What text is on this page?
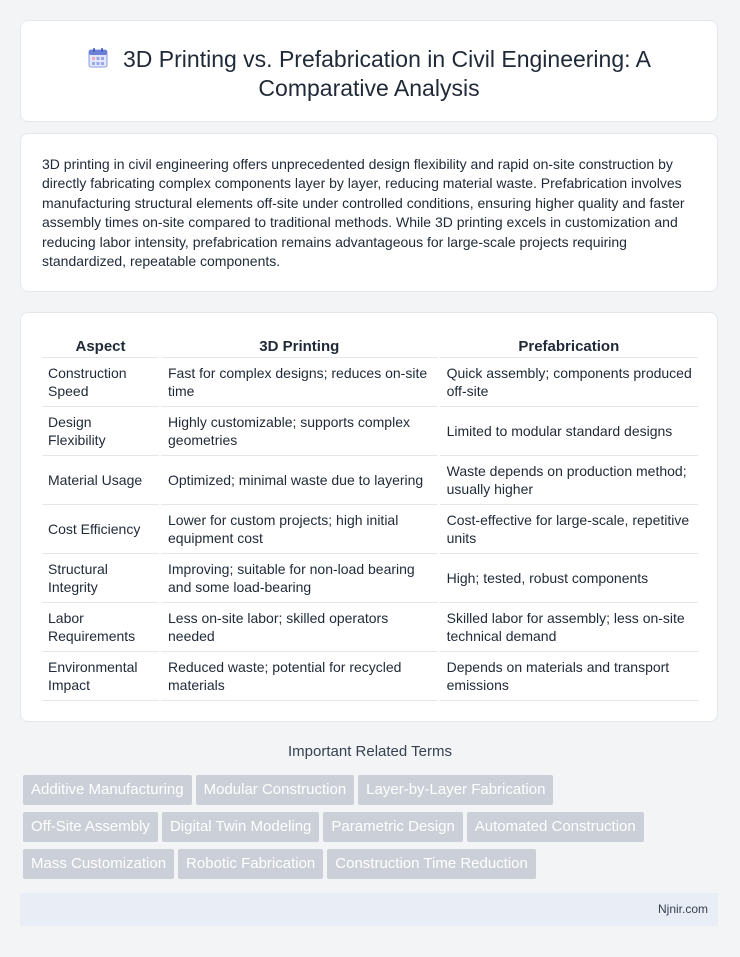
3D Printing vs. Prefabrication in Civil Engineering: A Comparative Analysis
3D printing in civil engineering offers unprecedented design flexibility and rapid on-site construction by directly fabricating complex components layer by layer, reducing material waste. Prefabrication involves manufacturing structural elements off-site under controlled conditions, ensuring higher quality and faster assembly times on-site compared to traditional methods. While 3D printing excels in customization and reducing labor intensity, prefabrication remains advantageous for large-scale projects requiring standardized, repeatable components.
Aspect	3D Printing	Prefabrication
Construction Speed	Fast for complex designs; reduces on-site time	Quick assembly; components produced off-site
Design Flexibility	Highly customizable; supports complex geometries	Limited to modular standard designs
Material Usage	Optimized; minimal waste due to layering	Waste depends on production method; usually higher
Cost Efficiency	Lower for custom projects; high initial equipment cost	Cost-effective for large-scale, repetitive units
Structural Integrity	Improving; suitable for non-load bearing and some load-bearing	High; tested, robust components
Labor Requirements	Less on-site labor; skilled operators needed	Skilled labor for assembly; less on-site technical demand
Environmental Impact	Reduced waste; potential for recycled materials	Depends on materials and transport emissions
Important Related Terms
Additive Manufacturing Modular Construction Layer-by-Layer Fabrication
Off-Site Assembly Digital Twin Modeling Parametric Design Automated Construction
Mass Customization Robotic Fabrication Construction Time Reduction
Njnir.com
